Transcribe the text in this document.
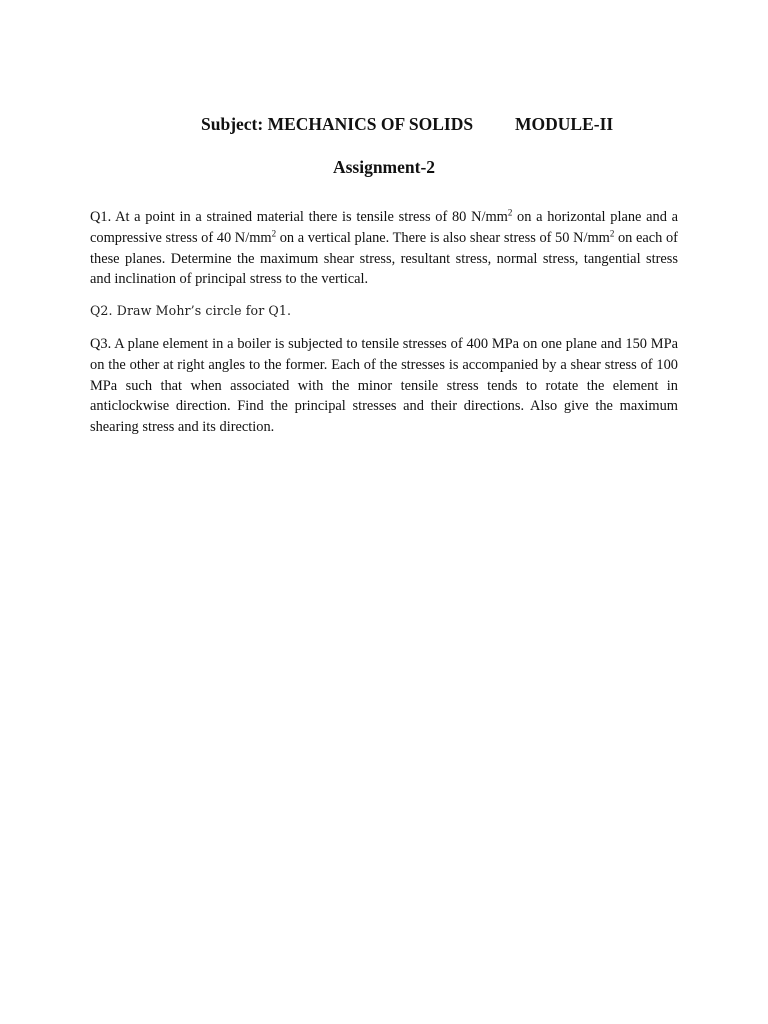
Subject: MECHANICS OF SOLIDS MODULE-II
Assignment-2

Q1. At a point in a strained material there is tensile stress of 80 $N/mm^2$ on a horizontal plane and a compressive stress of 40 $N/mm^2$ on a vertical plane. There is also shear stress of 50 $N/mm^2$ on each of these planes. Determine the maximum shear stress, resultant stress, normal stress, tangential stress and inclination of principal stress to the vertical.

Q2. Draw Mohr’s circle for Q1.

Q3. A plane element in a boiler is subjected to tensile stresses of 400 MPa on one plane and 150 MPa on the other at right angles to the former. Each of the stresses is accompanied by a shear stress of 100 MPa such that when associated with the minor tensile stress tends to rotate the element in anticlockwise direction. Find the principal stresses and their directions. Also give the maximum shearing stress and its direction.
